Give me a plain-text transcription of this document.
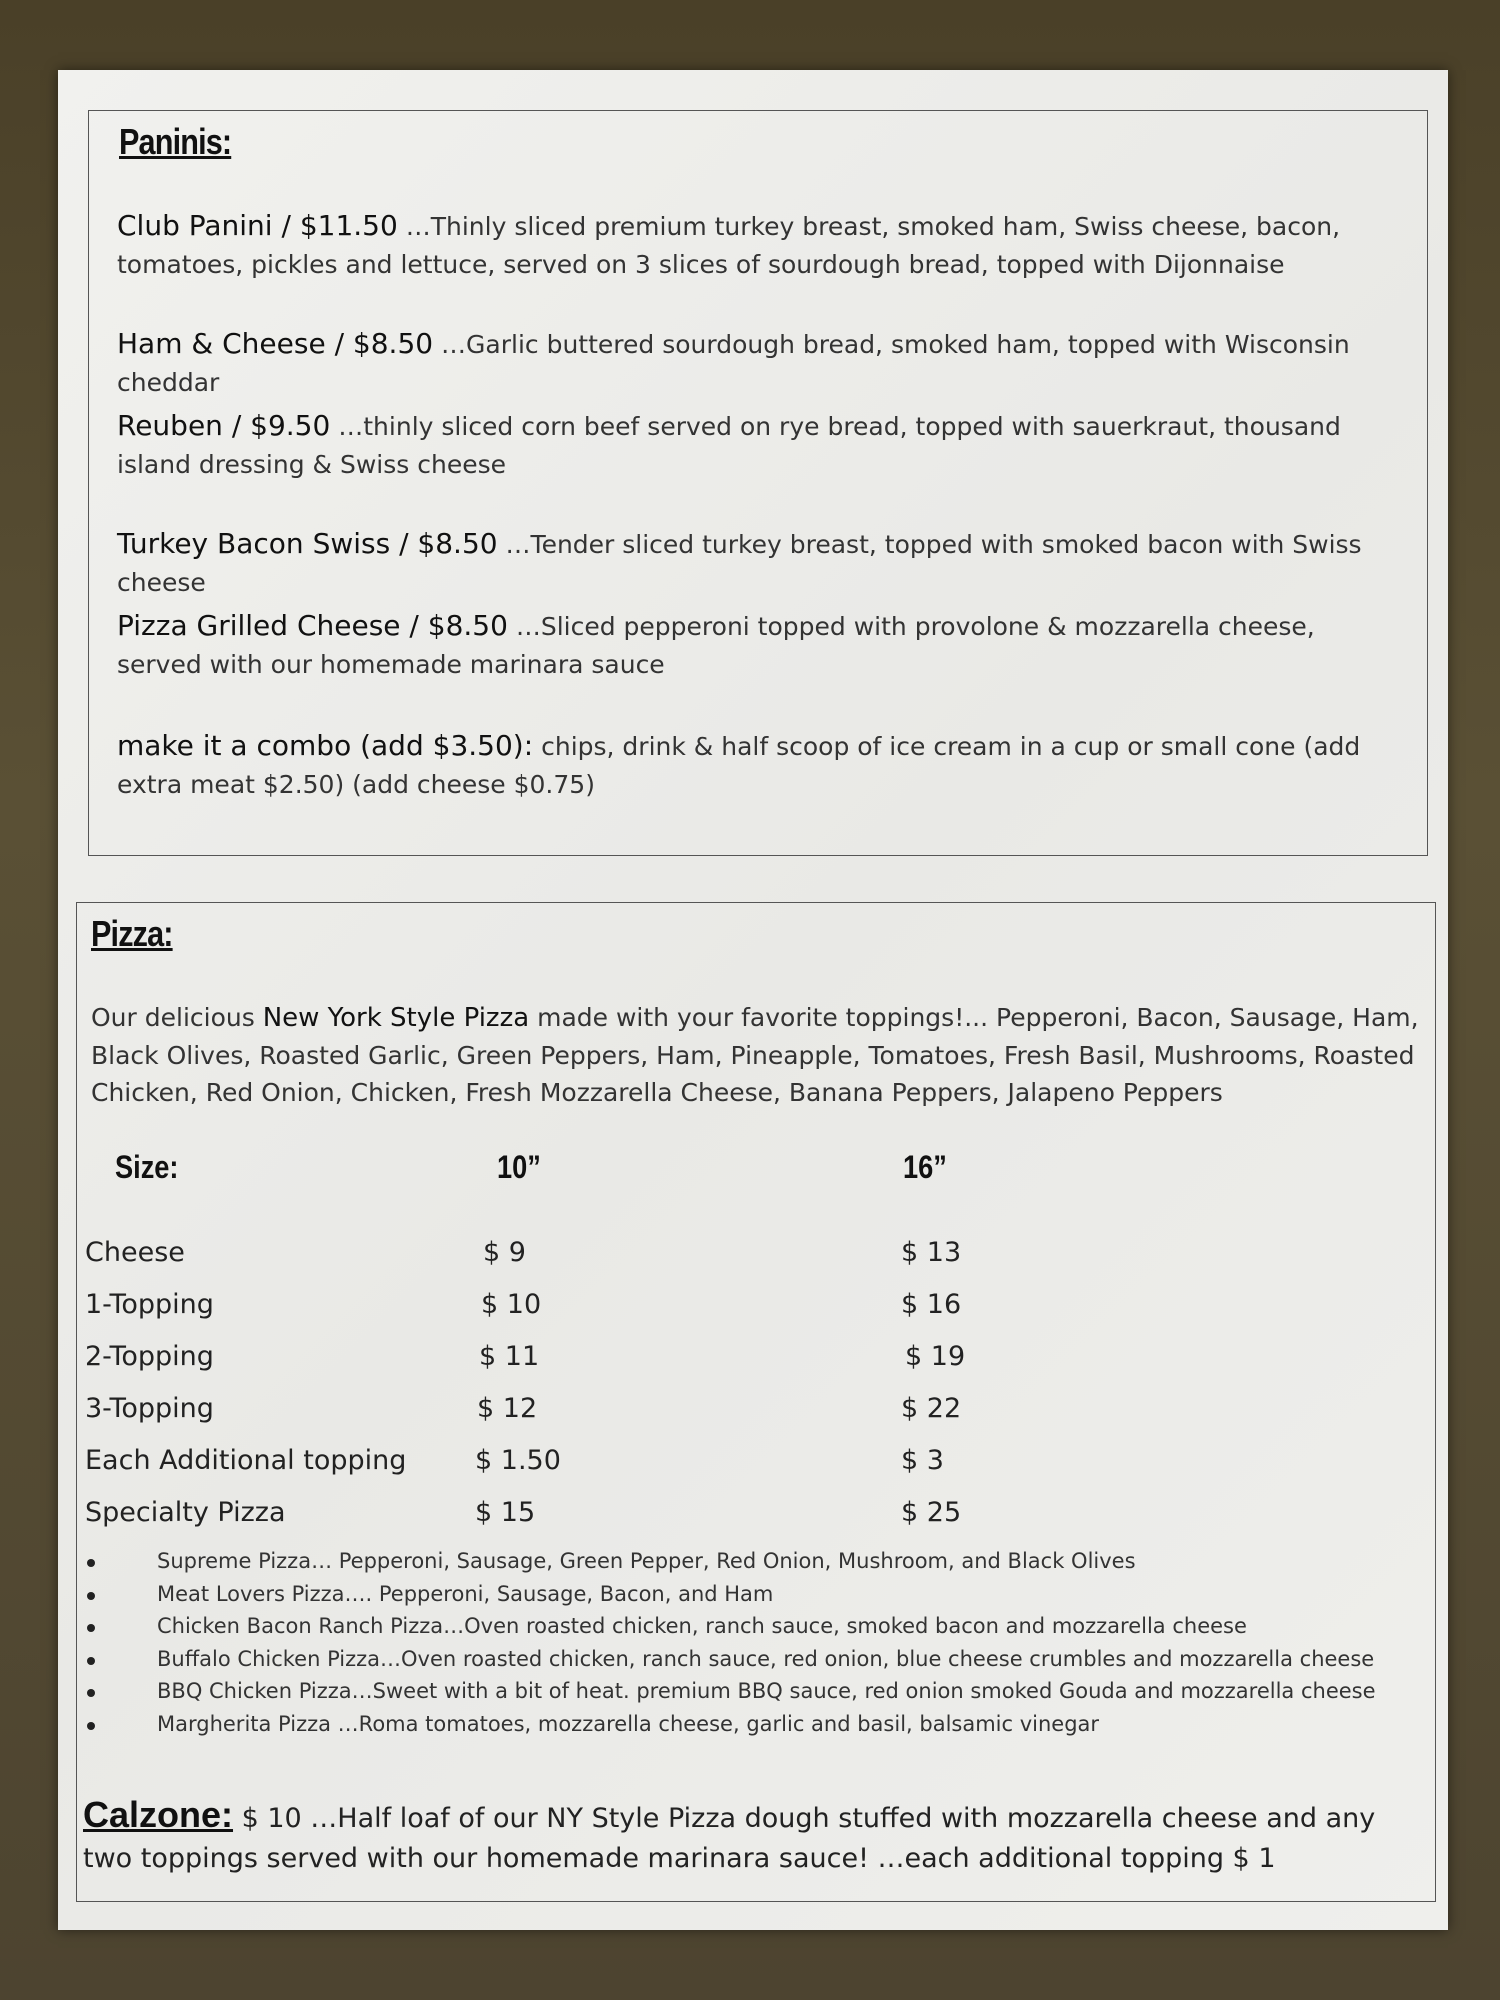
Paninis:
Club Panini / $11.50 …Thinly sliced premium turkey breast, smoked ham, Swiss cheese, bacon, tomatoes, pickles and lettuce, served on 3 slices of sourdough bread, topped with Dijonnaise
Ham & Cheese / $8.50 …Garlic buttered sourdough bread, smoked ham, topped with Wisconsin cheddar
Reuben / $9.50 …thinly sliced corn beef served on rye bread, topped with sauerkraut, thousand island dressing & Swiss cheese
Turkey Bacon Swiss / $8.50 …Tender sliced turkey breast, topped with smoked bacon with Swiss cheese
Pizza Grilled Cheese / $8.50 …Sliced pepperoni topped with provolone & mozzarella cheese, served with our homemade marinara sauce
make it a combo (add $3.50): chips, drink & half scoop of ice cream in a cup or small cone (add extra meat $2.50) (add cheese $0.75)
Pizza:
Our delicious New York Style Pizza made with your favorite toppings!... Pepperoni, Bacon, Sausage, Ham, Black Olives, Roasted Garlic, Green Peppers, Ham, Pineapple, Tomatoes, Fresh Basil, Mushrooms, Roasted Chicken, Red Onion, Chicken, Fresh Mozzarella Cheese, Banana Peppers, Jalapeno Peppers
Size:	10”	16”
Cheese	$ 9	$ 13
1-Topping	$ 10	$ 16
2-Topping	$ 11	$ 19
3-Topping	$ 12	$ 22
Each Additional topping	$ 1.50	$ 3
Specialty Pizza	$ 15	$ 25
Supreme Pizza… Pepperoni, Sausage, Green Pepper, Red Onion, Mushroom, and Black Olives
Meat Lovers Pizza…. Pepperoni, Sausage, Bacon, and Ham
Chicken Bacon Ranch Pizza…Oven roasted chicken, ranch sauce, smoked bacon and mozzarella cheese
Buffalo Chicken Pizza…Oven roasted chicken, ranch sauce, red onion, blue cheese crumbles and mozzarella cheese
BBQ Chicken Pizza…Sweet with a bit of heat. premium BBQ sauce, red onion smoked Gouda and mozzarella cheese
Margherita Pizza …Roma tomatoes, mozzarella cheese, garlic and basil, balsamic vinegar
Calzone: $ 10 …Half loaf of our NY Style Pizza dough stuffed with mozzarella cheese and any two toppings served with our homemade marinara sauce! …each additional topping $ 1
